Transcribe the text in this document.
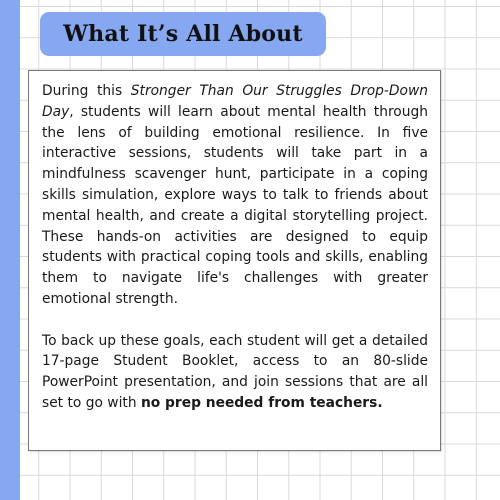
What It’s All About

During this Stronger Than Our Struggles Drop-Down Day, students will learn about mental health through the lens of building emotional resilience. In five interactive sessions, students will take part in a mindfulness scavenger hunt, participate in a coping skills simulation, explore ways to talk to friends about mental health, and create a digital storytelling project. These hands-on activities are designed to equip students with practical coping tools and skills, enabling them to navigate life's challenges with greater emotional strength.

To back up these goals, each student will get a detailed 17-page Student Booklet, access to an 80-slide PowerPoint presentation, and join sessions that are all set to go with no prep needed from teachers.
